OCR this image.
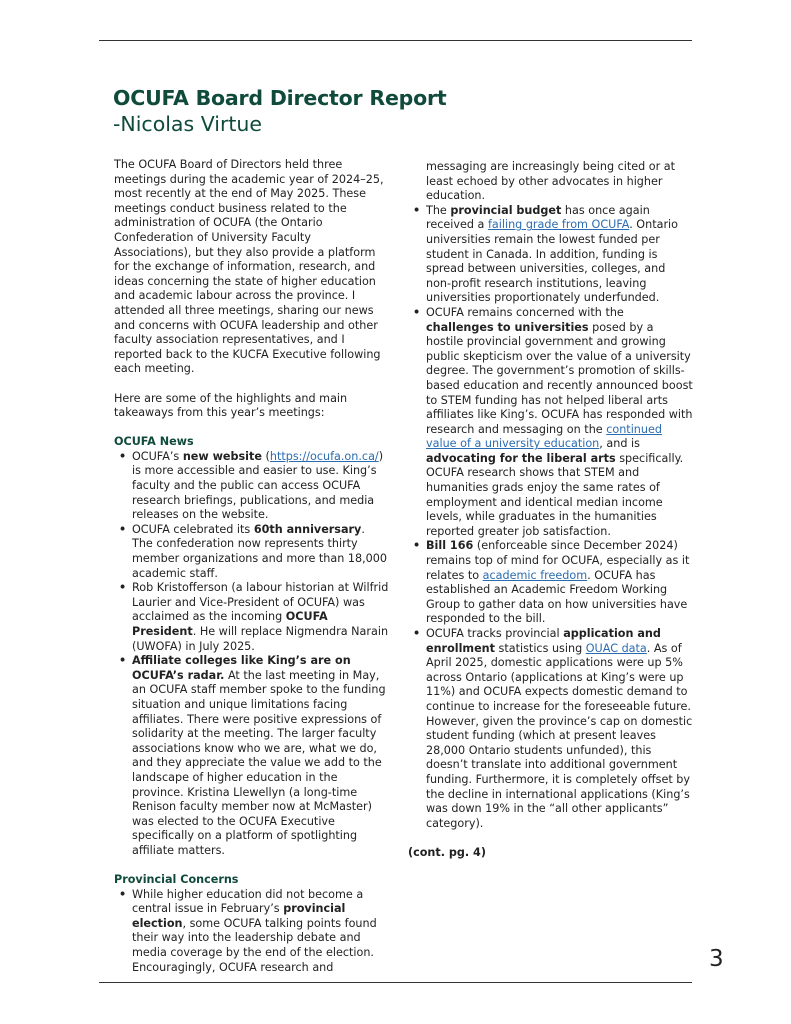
OCUFA Board Director Report
-Nicolas Virtue

The OCUFA Board of Directors held three meetings during the academic year of 2024–25, most recently at the end of May 2025. These meetings conduct business related to the administration of OCUFA (the Ontario Confederation of University Faculty Associations), but they also provide a platform for the exchange of information, research, and ideas concerning the state of higher education and academic labour across the province. I attended all three meetings, sharing our news and concerns with OCUFA leadership and other faculty association representatives, and I reported back to the KUCFA Executive following each meeting.

Here are some of the highlights and main takeaways from this year’s meetings:

OCUFA News
• OCUFA’s new website (https://ocufa.on.ca/) is more accessible and easier to use. King’s faculty and the public can access OCUFA research briefings, publications, and media releases on the website.
• OCUFA celebrated its 60th anniversary. The confederation now represents thirty member organizations and more than 18,000 academic staff.
• Rob Kristofferson (a labour historian at Wilfrid Laurier and Vice-President of OCUFA) was acclaimed as the incoming OCUFA President. He will replace Nigmendra Narain (UWOFA) in July 2025.
• Affiliate colleges like King’s are on OCUFA’s radar. At the last meeting in May, an OCUFA staff member spoke to the funding situation and unique limitations facing affiliates. There were positive expressions of solidarity at the meeting. The larger faculty associations know who we are, what we do, and they appreciate the value we add to the landscape of higher education in the province. Kristina Llewellyn (a long-time Renison faculty member now at McMaster) was elected to the OCUFA Executive specifically on a platform of spotlighting affiliate matters.
Provincial Concerns
• While higher education did not become a central issue in February’s provincial election, some OCUFA talking points found their way into the leadership debate and media coverage by the end of the election. Encouragingly, OCUFA research and

messaging are increasingly being cited or at least echoed by other advocates in higher education.

• The provincial budget has once again received a failing grade from OCUFA. Ontario universities remain the lowest funded per student in Canada. In addition, funding is spread between universities, colleges, and non-profit research institutions, leaving universities proportionately underfunded.
• OCUFA remains concerned with the challenges to universities posed by a hostile provincial government and growing public skepticism over the value of a university degree. The government’s promotion of skills-based education and recently announced boost to STEM funding has not helped liberal arts affiliates like King’s. OCUFA has responded with research and messaging on the continued value of a university education, and is advocating for the liberal arts specifically. OCUFA research shows that STEM and humanities grads enjoy the same rates of employment and identical median income levels, while graduates in the humanities reported greater job satisfaction.
• Bill 166 (enforceable since December 2024) remains top of mind for OCUFA, especially as it relates to academic freedom. OCUFA has established an Academic Freedom Working Group to gather data on how universities have responded to the bill.
• OCUFA tracks provincial application and enrollment statistics using OUAC data. As of April 2025, domestic applications were up 5% across Ontario (applications at King’s were up 11%) and OCUFA expects domestic demand to continue to increase for the foreseeable future. However, given the province’s cap on domestic student funding (which at present leaves 28,000 Ontario students unfunded), this doesn’t translate into additional government funding. Furthermore, it is completely offset by the decline in international applications (King’s was down 19% in the “all other applicants” category).
(cont. pg. 4)
3
